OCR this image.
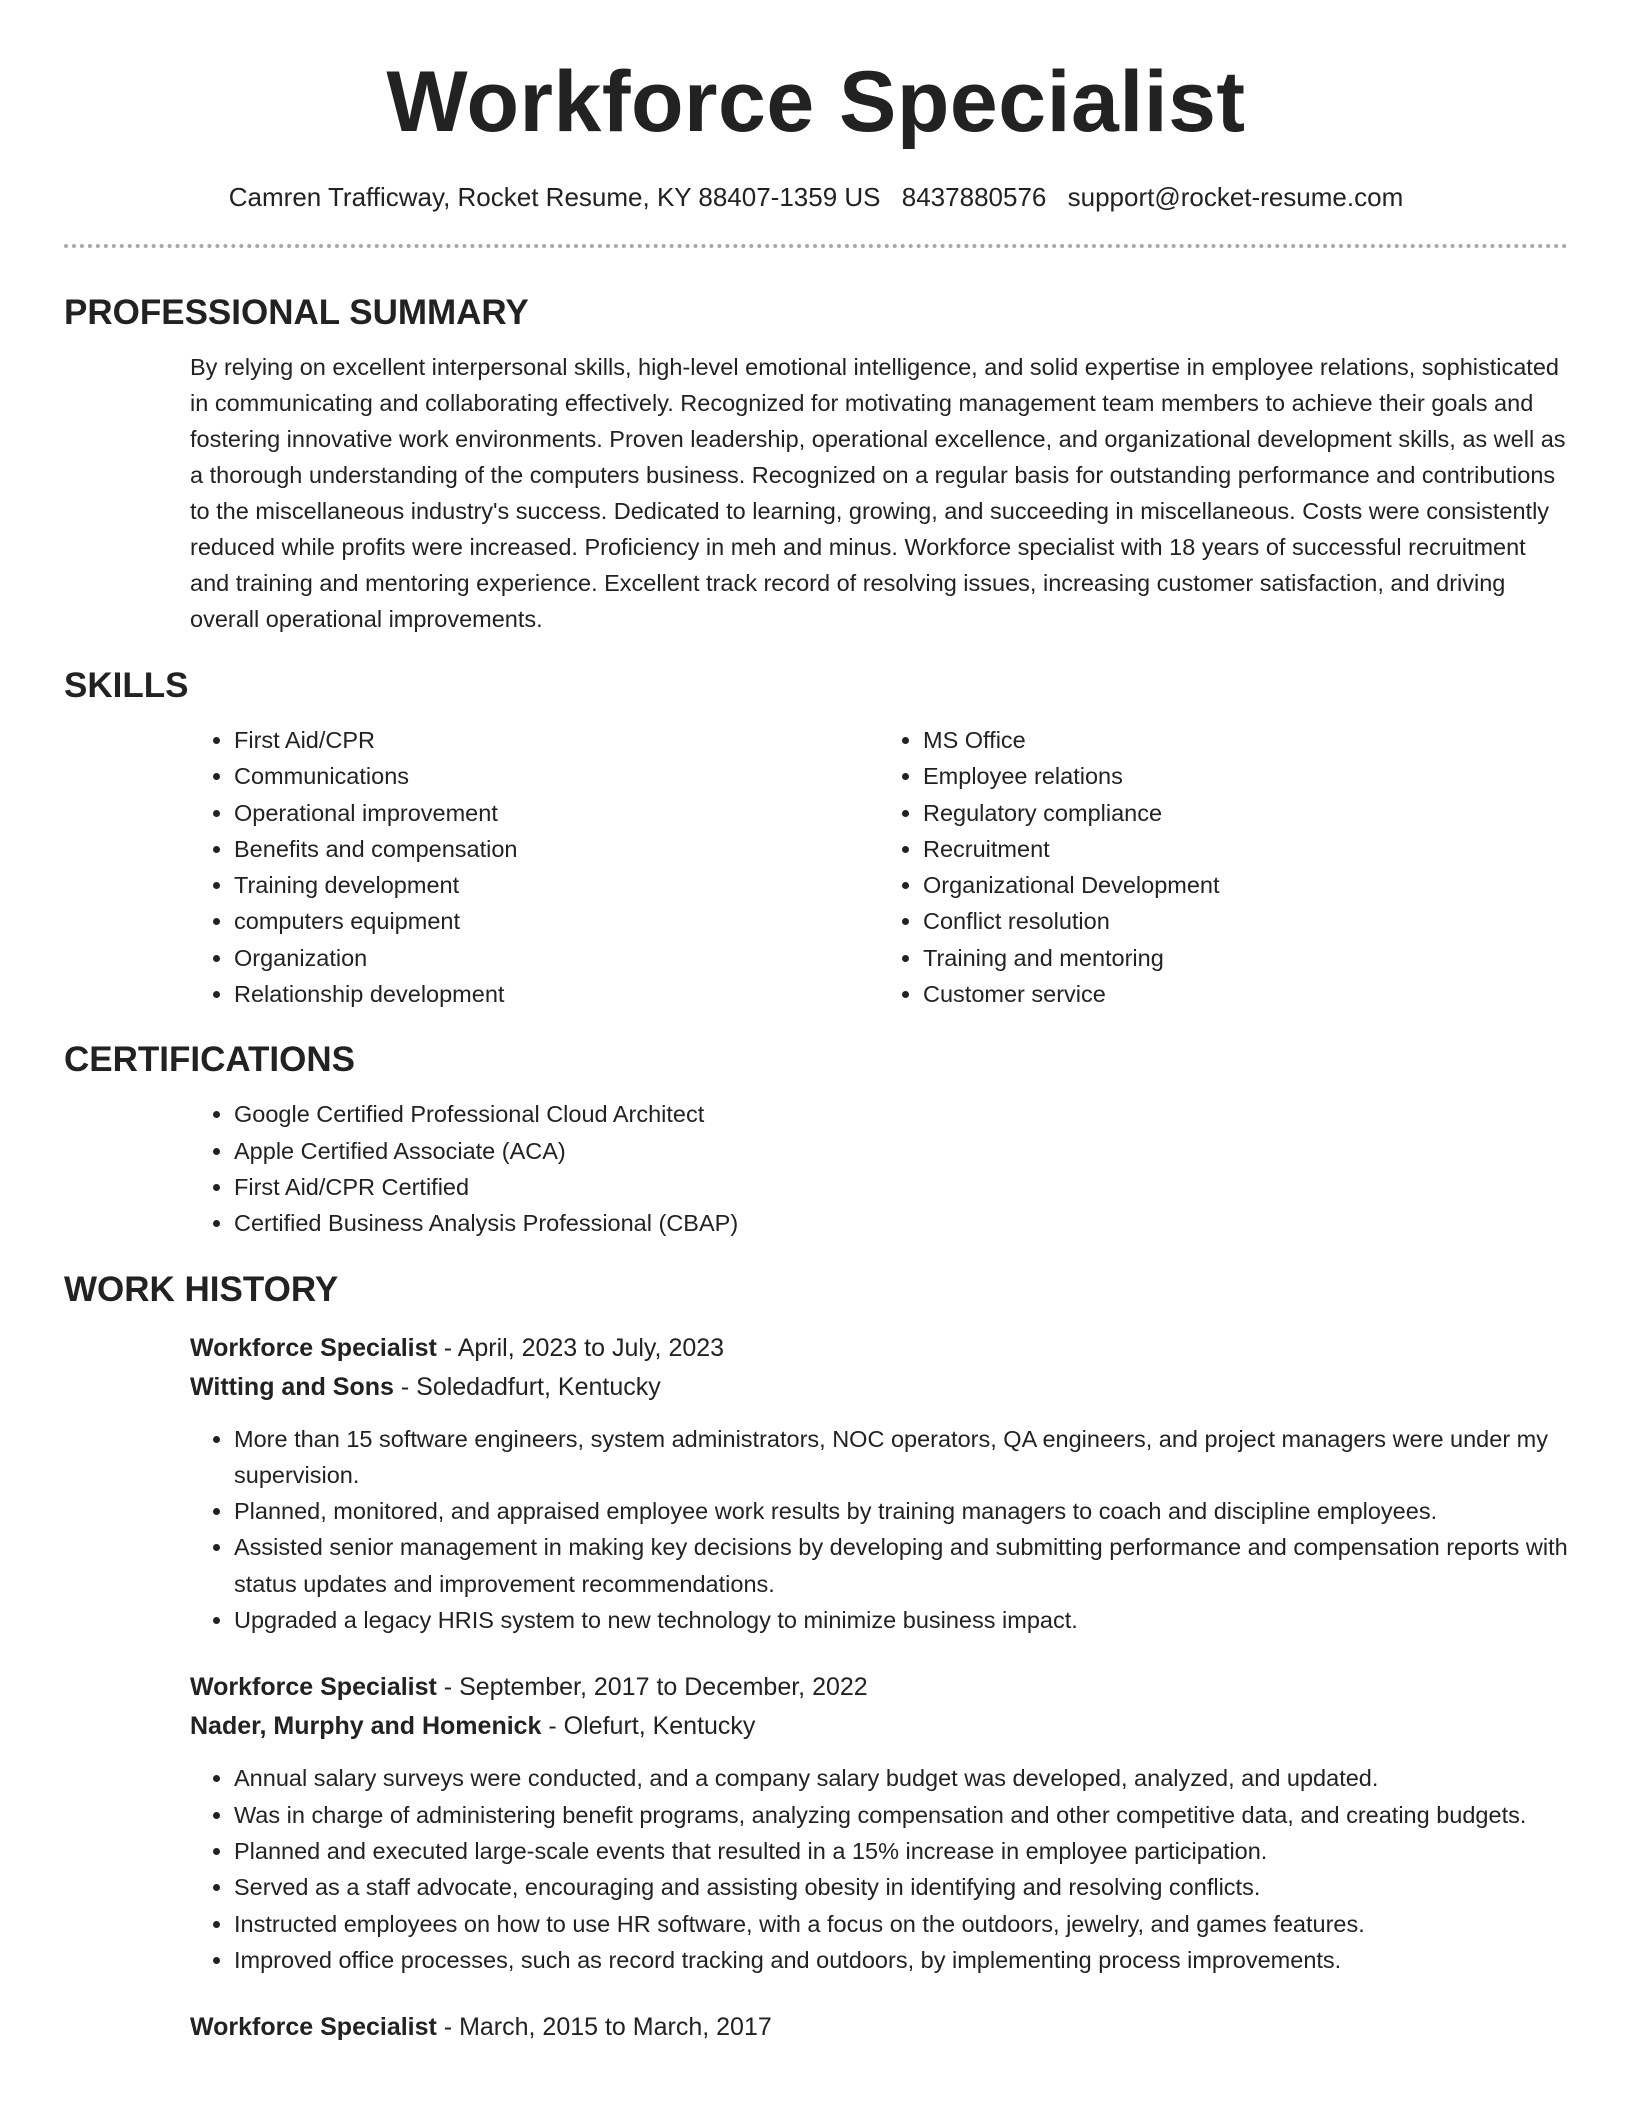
Workforce Specialist
Camren Trafficway, Rocket Resume, KY 88407-1359 US 8437880576 support@rocket-resume.com
PROFESSIONAL SUMMARY

By relying on excellent interpersonal skills, high-level emotional intelligence, and solid expertise in employee relations, sophisticated in communicating and collaborating effectively. Recognized for motivating management team members to achieve their goals and fostering innovative work environments. Proven leadership, operational excellence, and organizational development skills, as well as a thorough understanding of the computers business. Recognized on a regular basis for outstanding performance and contributions to the miscellaneous industry's success. Dedicated to learning, growing, and succeeding in miscellaneous. Costs were consistently reduced while profits were increased. Proficiency in meh and minus. Workforce specialist with 18 years of successful recruitment and training and mentoring experience. Excellent track record of resolving issues, increasing customer satisfaction, and driving overall operational improvements.

SKILLS
• First Aid/CPR
• Communications
• Operational improvement
• Benefits and compensation
• Training development
• computers equipment
• Organization
• Relationship development
• MS Office
• Employee relations
• Regulatory compliance
• Recruitment
• Organizational Development
• Conflict resolution
• Training and mentoring
• Customer service
CERTIFICATIONS
• Google Certified Professional Cloud Architect
• Apple Certified Associate (ACA)
• First Aid/CPR Certified
• Certified Business Analysis Professional (CBAP)
WORK HISTORY
Workforce Specialist - April, 2023 to July, 2023
Witting and Sons - Soledadfurt, Kentucky
• More than 15 software engineers, system administrators, NOC operators, QA engineers, and project managers were under my supervision.
• Planned, monitored, and appraised employee work results by training managers to coach and discipline employees.
• Assisted senior management in making key decisions by developing and submitting performance and compensation reports with status updates and improvement recommendations.
• Upgraded a legacy HRIS system to new technology to minimize business impact.
Workforce Specialist - September, 2017 to December, 2022
Nader, Murphy and Homenick - Olefurt, Kentucky
• Annual salary surveys were conducted, and a company salary budget was developed, analyzed, and updated.
• Was in charge of administering benefit programs, analyzing compensation and other competitive data, and creating budgets.
• Planned and executed large-scale events that resulted in a 15% increase in employee participation.
• Served as a staff advocate, encouraging and assisting obesity in identifying and resolving conflicts.
• Instructed employees on how to use HR software, with a focus on the outdoors, jewelry, and games features.
• Improved office processes, such as record tracking and outdoors, by implementing process improvements.
Workforce Specialist - March, 2015 to March, 2017
